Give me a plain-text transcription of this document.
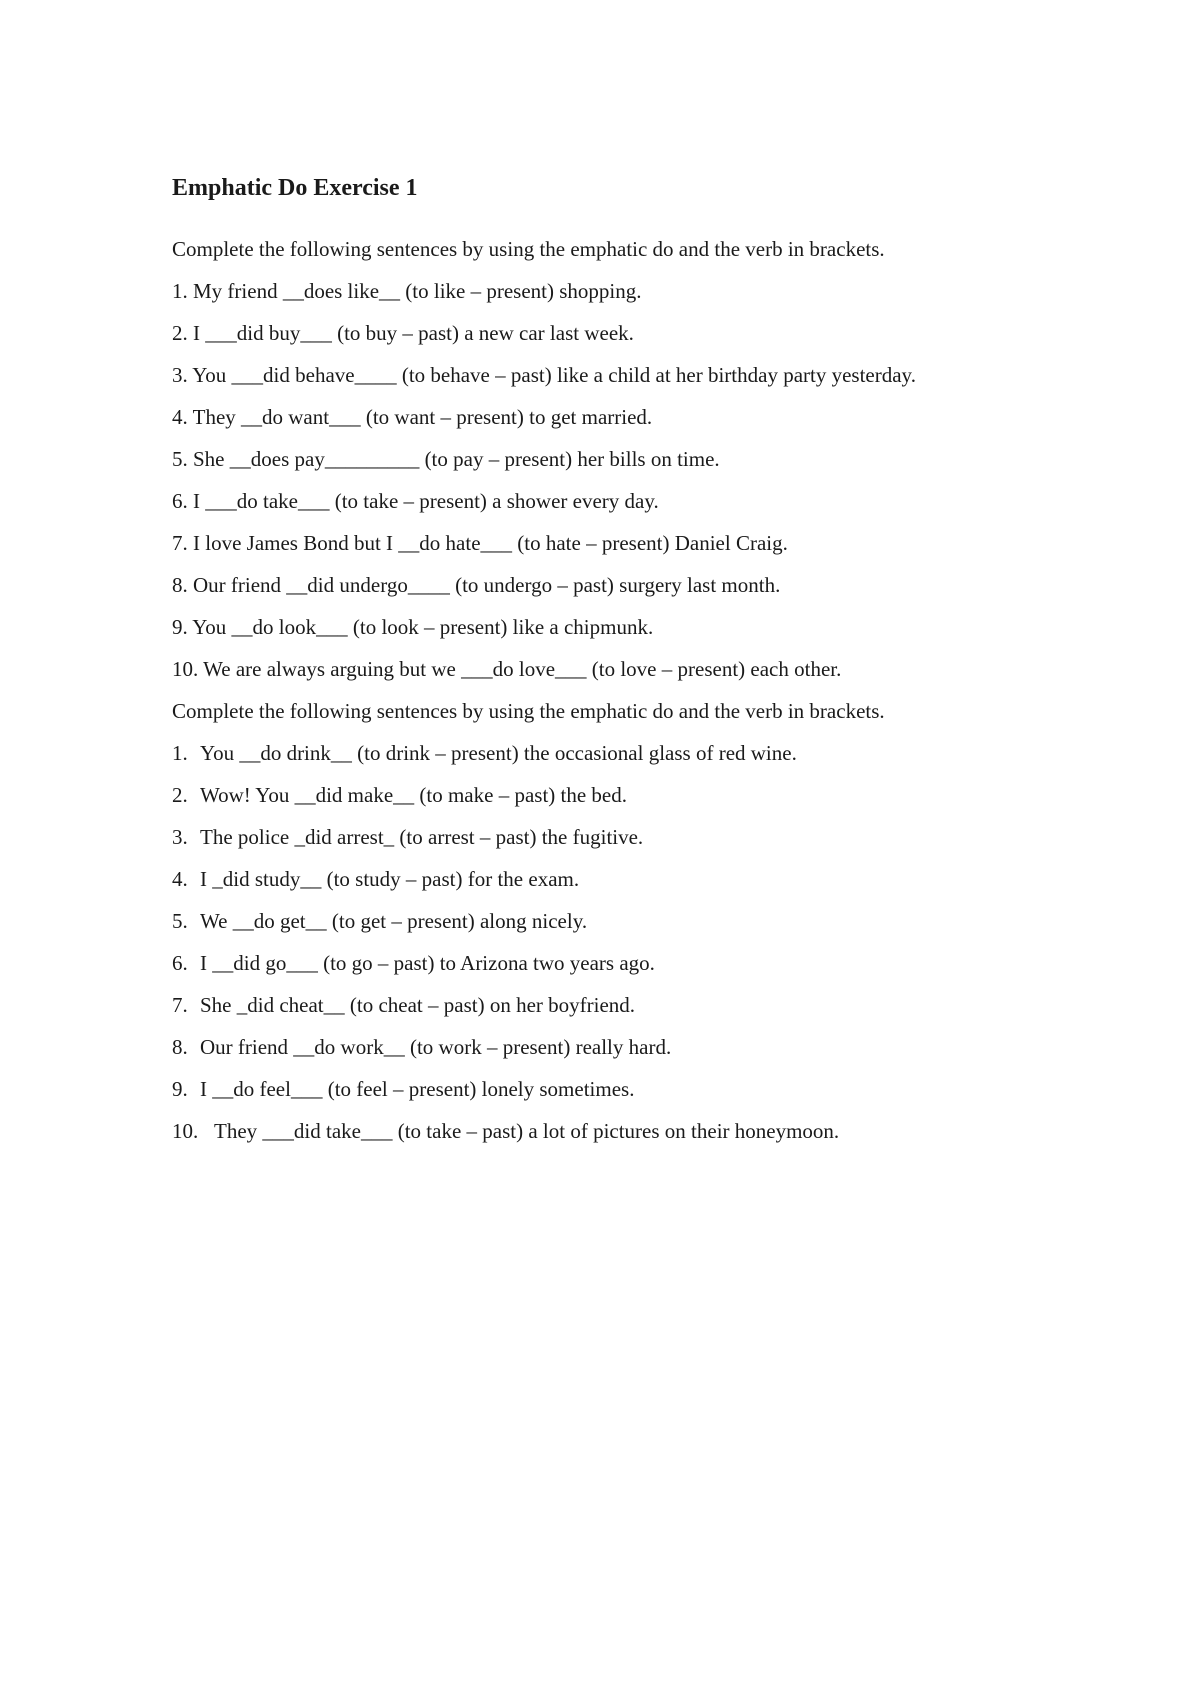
Emphatic Do Exercise 1

Complete the following sentences by using the emphatic do and the verb in brackets.

1. My friend __does like__ (to like – present) shopping.

2. I ___did buy___ (to buy – past) a new car last week.

3. You ___did behave____ (to behave – past) like a child at her birthday party yesterday.

4. They __do want___ (to want – present) to get married.

5. She __does pay_________ (to pay – present) her bills on time.

6. I ___do take___ (to take – present) a shower every day.

7. I love James Bond but I __do hate___ (to hate – present) Daniel Craig.

8. Our friend __did undergo____ (to undergo – past) surgery last month.

9. You __do look___ (to look – present) like a chipmunk.

10. We are always arguing but we ___do love___ (to love – present) each other.

Complete the following sentences by using the emphatic do and the verb in brackets.

1. You __do drink__ (to drink – present) the occasional glass of red wine.

2. Wow! You __did make__ (to make – past) the bed.

3. The police _did arrest_ (to arrest – past) the fugitive.

4. I _did study__ (to study – past) for the exam.

5. We __do get__ (to get – present) along nicely.

6. I __did go___ (to go – past) to Arizona two years ago.

7. She _did cheat__ (to cheat – past) on her boyfriend.

8. Our friend __do work__ (to work – present) really hard.

9. I __do feel___ (to feel – present) lonely sometimes.

10. They ___did take___ (to take – past) a lot of pictures on their honeymoon.
